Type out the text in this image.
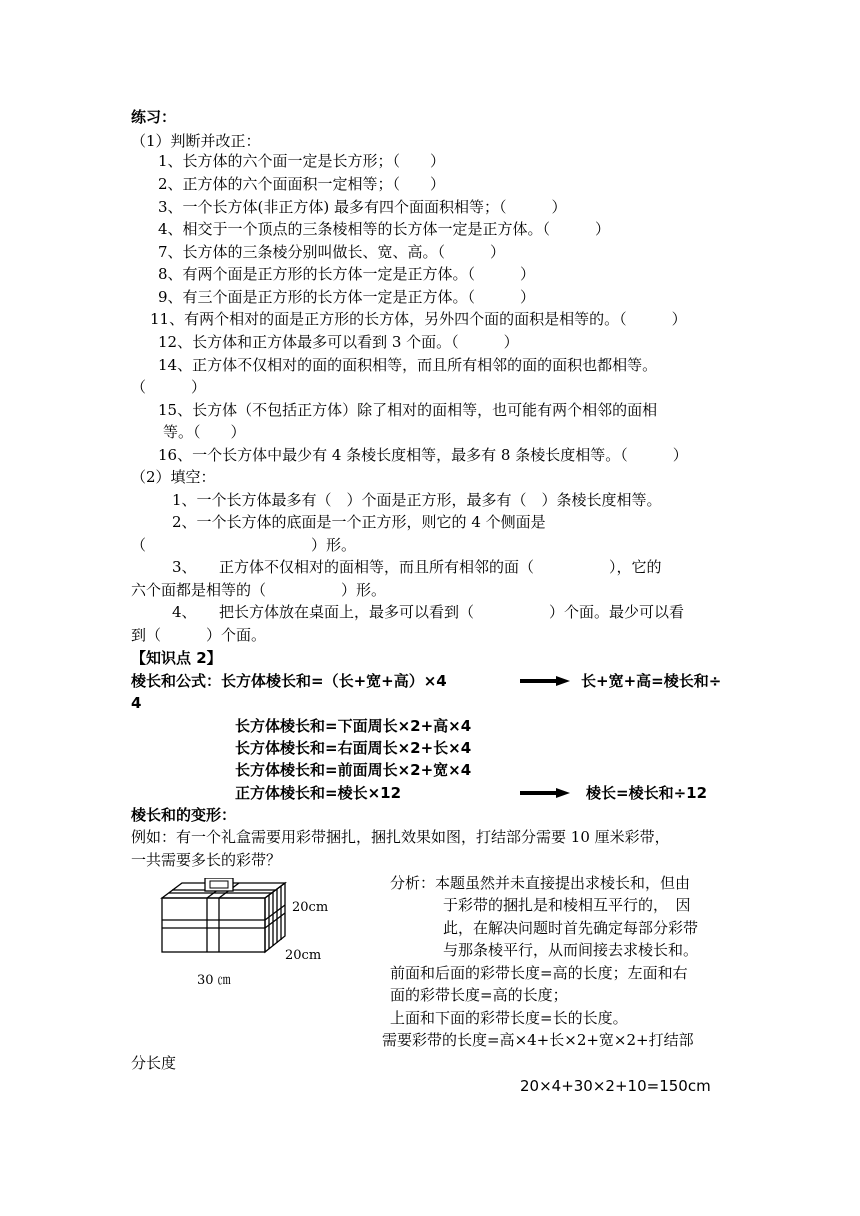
练习：
（1）判断并改正：
1、长方体的六个面一定是长方形；（　　）
2、正方体的六个面面积一定相等；（　　）
3、一个长方体(非正方体) 最多有四个面面积相等；（　　　）
4、相交于一个顶点的三条棱相等的长方体一定是正方体。（　　　）
7、长方体的三条棱分别叫做长、宽、高。（　　　）
8、有两个面是正方形的长方体一定是正方体。（　　　）
9、有三个面是正方形的长方体一定是正方体。（　　　）
11、有两个相对的面是正方形的长方体，另外四个面的面积是相等的。（　　　）
12、长方体和正方体最多可以看到 3 个面。（　　　）
14、正方体不仅相对的面的面积相等，而且所有相邻的面的面积也都相等。
（　　　）
15、长方体（不包括正方体）除了相对的面相等，也可能有两个相邻的面相
等。（　　）
16、一个长方体中最少有 4 条棱长度相等，最多有 8 条棱长度相等。（　　　）
（2）填空：
1、一个长方体最多有（　）个面是正方形，最多有（　）条棱长度相等。
2、一个长方体的底面是一个正方形，则它的 4 个侧面是
（　　　　　　　　　　　）形。
3、　　正方体不仅相对的面相等，而且所有相邻的面（　　　　　），它的
六个面都是相等的（　　　　　）形。
4、　　把长方体放在桌面上，最多可以看到（　　　　　）个面。最少可以看
到（　　　）个面。
【知识点 2】
棱长和公式：长方体棱长和=（长+宽+高）×4	长+宽+高=棱长和÷
4
长方体棱长和=下面周长×2+高×4
长方体棱长和=右面周长×2+长×4
长方体棱长和=前面周长×2+宽×4
正方体棱长和=棱长×12	棱长=棱长和÷12
棱长和的变形：
例如：有一个礼盒需要用彩带捆扎，捆扎效果如图，打结部分需要 10 厘米彩带，
一共需要多长的彩带？
20cm
20cm
30 ㎝
分析：本题虽然并未直接提出求棱长和，但由
于彩带的捆扎是和棱相互平行的，　因
此，在解决问题时首先确定每部分彩带
与那条棱平行，从而间接去求棱长和。
前面和后面的彩带长度=高的长度；左面和右
面的彩带长度=高的长度；
上面和下面的彩带长度=长的长度。
需要彩带的长度=高×4+长×2+宽×2+打结部
分长度
20×4+30×2+10=150cm
